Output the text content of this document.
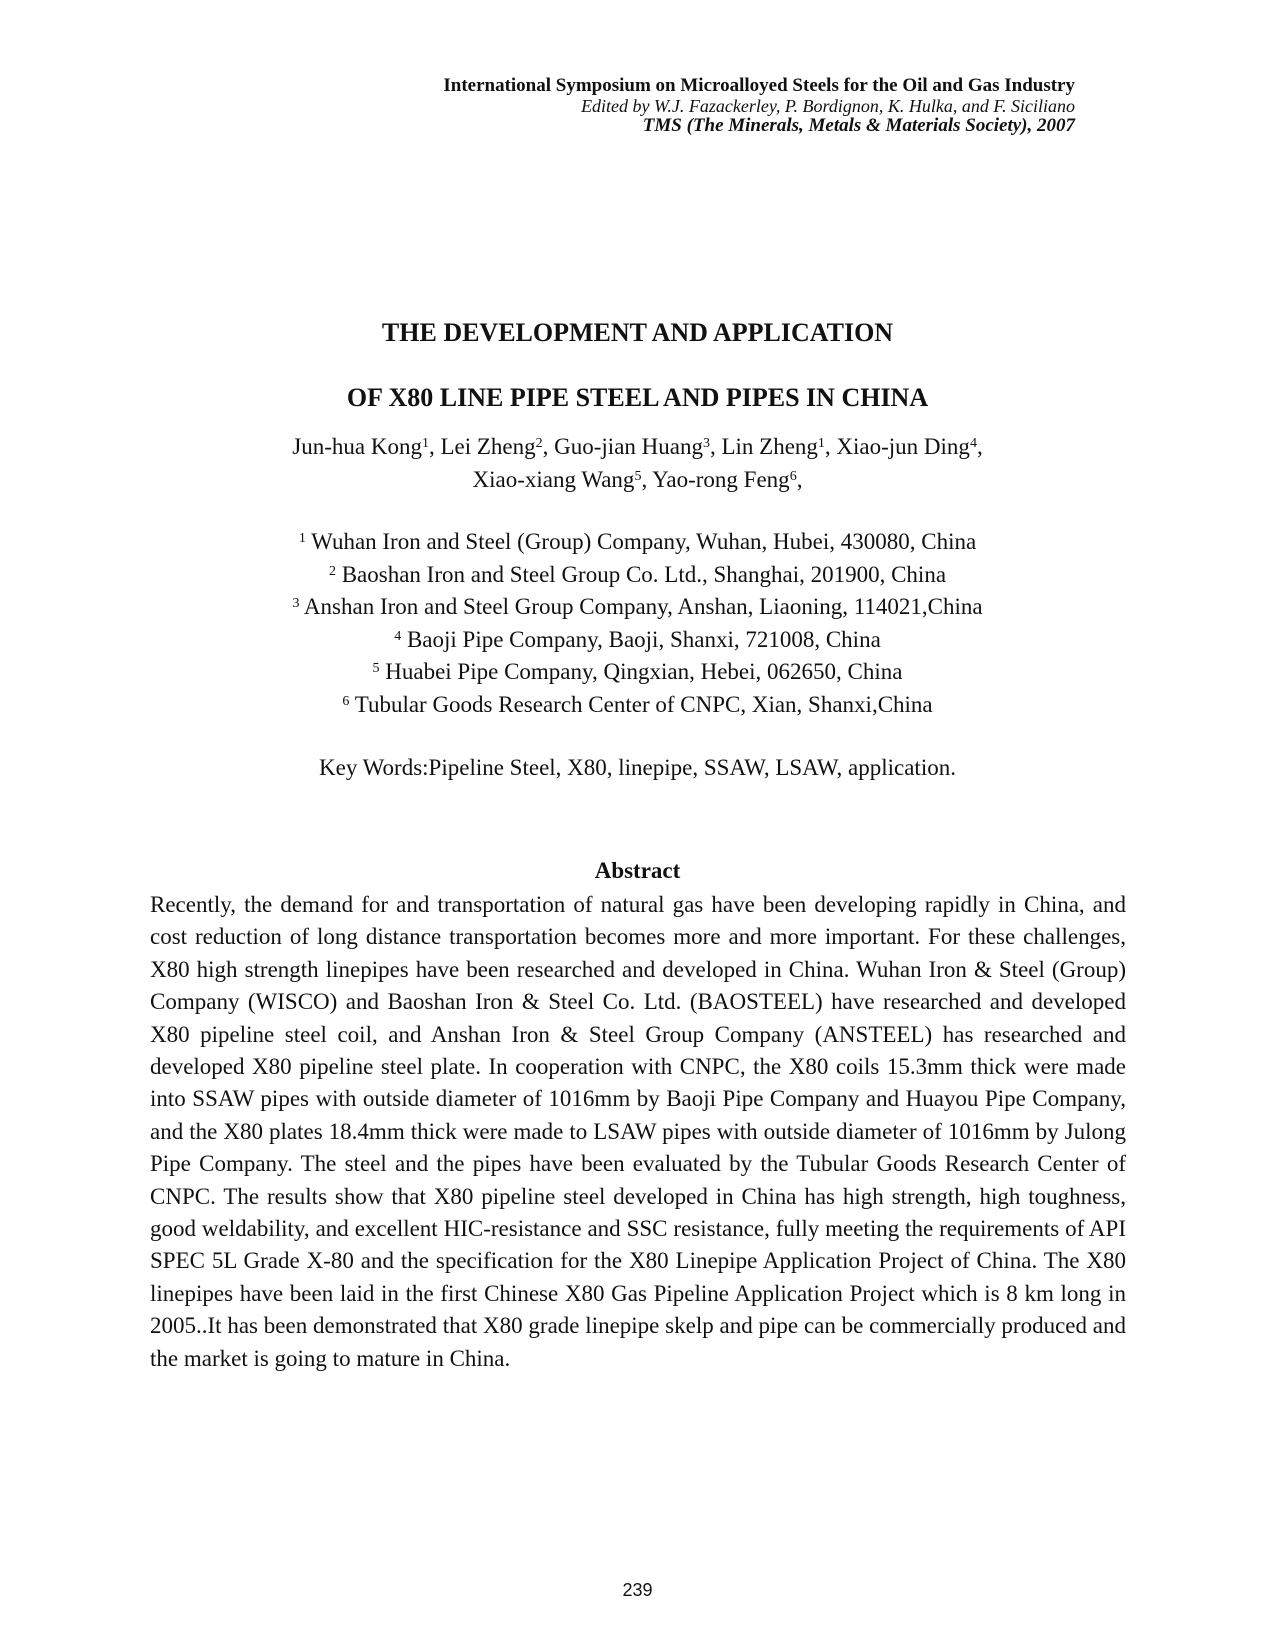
International Symposium on Microalloyed Steels for the Oil and Gas Industry
Edited by W.J. Fazackerley, P. Bordignon, K. Hulka, and F. Siciliano
TMS (The Minerals, Metals & Materials Society), 2007
THE DEVELOPMENT AND APPLICATION
OF X80 LINE PIPE STEEL AND PIPES IN CHINA
Jun-hua Kong$^1$, Lei Zheng$^2$, Guo-jian Huang$^3$, Lin Zheng$^1$, Xiao-jun Ding$^4$,
Xiao-xiang Wang$^5$, Yao-rong Feng$^6$,
$^1$ Wuhan Iron and Steel (Group) Company, Wuhan, Hubei, 430080, China
$^2$ Baoshan Iron and Steel Group Co. Ltd., Shanghai, 201900, China
$^3$ Anshan Iron and Steel Group Company, Anshan, Liaoning, 114021,China
$^4$ Baoji Pipe Company, Baoji, Shanxi, 721008, China
$^5$ Huabei Pipe Company, Qingxian, Hebei, 062650, China
$^6$ Tubular Goods Research Center of CNPC, Xian, Shanxi,China
Key Words:Pipeline Steel, X80, linepipe, SSAW, LSAW, application.
Abstract

Recently, the demand for and transportation of natural gas have been developing rapidly in China, and cost reduction of long distance transportation becomes more and more important. For these challenges, X80 high strength linepipes have been researched and developed in China. Wuhan Iron & Steel (Group) Company (WISCO) and Baoshan Iron & Steel Co. Ltd. (BAOSTEEL) have researched and developed X80 pipeline steel coil, and Anshan Iron & Steel Group Company (ANSTEEL) has researched and developed X80 pipeline steel plate. In cooperation with CNPC, the X80 coils 15.3mm thick were made into SSAW pipes with outside diameter of 1016mm by Baoji Pipe Company and Huayou Pipe Company, and the X80 plates 18.4mm thick were made to LSAW pipes with outside diameter of 1016mm by Julong Pipe Company. The steel and the pipes have been evaluated by the Tubular Goods Research Center of CNPC. The results show that X80 pipeline steel developed in China has high strength, high toughness, good weldability, and excellent HIC-resistance and SSC resistance, fully meeting the requirements of API SPEC 5L Grade X-80 and the specification for the X80 Linepipe Application Project of China. The X80 linepipes have been laid in the first Chinese X80 Gas Pipeline Application Project which is 8 km long in 2005..It has been demonstrated that X80 grade linepipe skelp and pipe can be commercially produced and the market is going to mature in China.

239
